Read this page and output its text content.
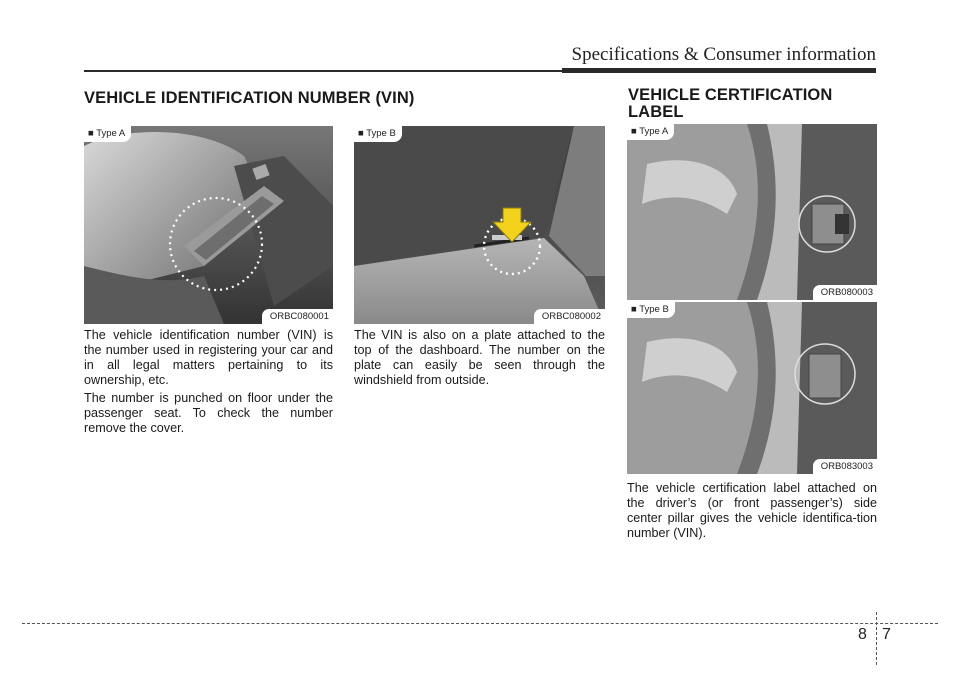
Specifications & Consumer information
VEHICLE IDENTIFICATION NUMBER (VIN)	VEHICLE CERTIFICATION LABEL
■ Type A
ORBC080001
■ Type B
ORBC080002
■ Type A
ORB080003
■ Type B
ORB083003

The vehicle identification number (VIN) is the number used in registering your car and in all legal matters pertaining to its ownership, etc.

The number is punched on floor under the passenger seat. To check the number remove the cover.

The VIN is also on a plate attached to the top of the dashboard. The number on the plate can easily be seen through the windshield from outside.

The vehicle certification label attached on the driver’s (or front passenger’s) side center pillar gives the vehicle identifica-tion number (VIN).

8 7
